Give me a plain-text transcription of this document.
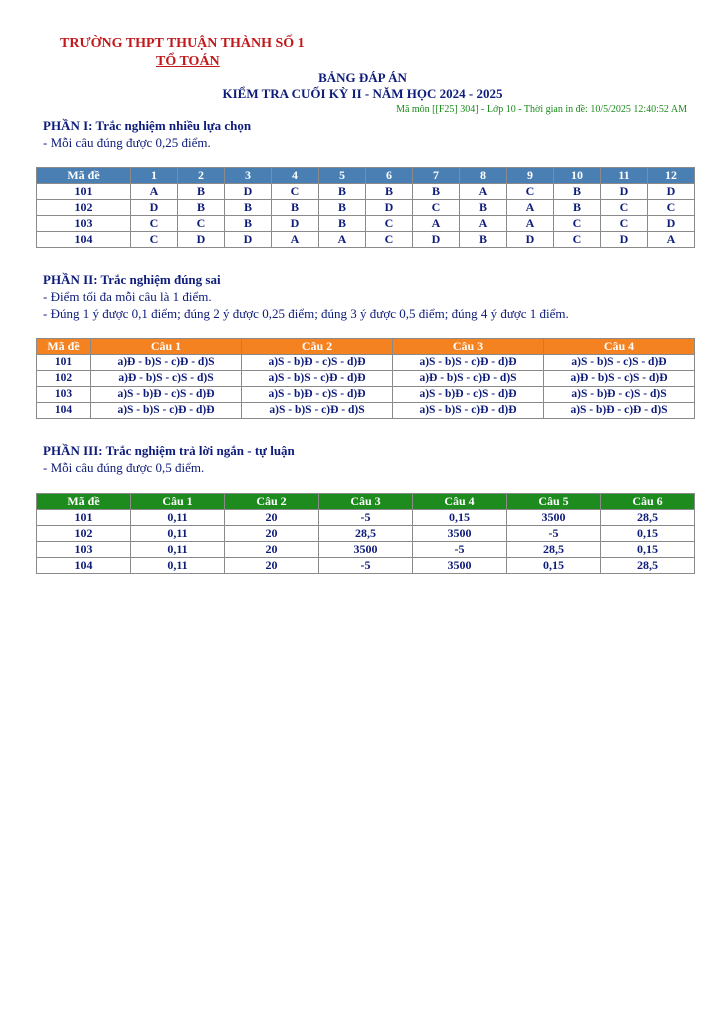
TRƯỜNG THPT THUẬN THÀNH SỐ 1
TỔ TOÁN
BẢNG ĐÁP ÁN
KIỂM TRA CUỐI KỲ II - NĂM HỌC 2024 - 2025
Mã môn [[F25] 304] - Lớp 10 - Thời gian in đề: 10/5/2025 12:40:52 AM
PHẦN I: Trắc nghiệm nhiều lựa chọn
- Mỗi câu đúng được 0,25 điểm.
Mã đề	1	2	3	4	5	6	7	8	9	10	11	12
101	A	B	D	C	B	B	B	A	C	B	D	D
102	D	B	B	B	B	D	C	B	A	B	C	C
103	C	C	B	D	B	C	A	A	A	C	C	D
104	C	D	D	A	A	C	D	B	D	C	D	A
PHẦN II: Trắc nghiệm đúng sai
- Điểm tối đa mỗi câu là 1 điểm.
- Đúng 1 ý được 0,1 điểm; đúng 2 ý được 0,25 điểm; đúng 3 ý được 0,5 điểm; đúng 4 ý được 1 điểm.
Mã đề	Câu 1	Câu 2	Câu 3	Câu 4
101	a)Đ - b)S - c)Đ - d)S	a)S - b)Đ - c)S - d)Đ	a)S - b)S - c)Đ - d)Đ	a)S - b)S - c)S - d)Đ
102	a)Đ - b)S - c)S - d)S	a)S - b)S - c)Đ - d)Đ	a)Đ - b)S - c)Đ - d)S	a)Đ - b)S - c)S - d)Đ
103	a)S - b)Đ - c)S - d)Đ	a)S - b)Đ - c)S - d)Đ	a)S - b)Đ - c)S - d)Đ	a)S - b)Đ - c)S - d)S
104	a)S - b)S - c)Đ - d)Đ	a)S - b)S - c)Đ - d)S	a)S - b)S - c)Đ - d)Đ	a)S - b)Đ - c)Đ - d)S
PHẦN III: Trắc nghiệm trả lời ngắn - tự luận
- Mỗi câu đúng được 0,5 điểm.
Mã đề	Câu 1	Câu 2	Câu 3	Câu 4	Câu 5	Câu 6
101	0,11	20	-5	0,15	3500	28,5
102	0,11	20	28,5	3500	-5	0,15
103	0,11	20	3500	-5	28,5	0,15
104	0,11	20	-5	3500	0,15	28,5
